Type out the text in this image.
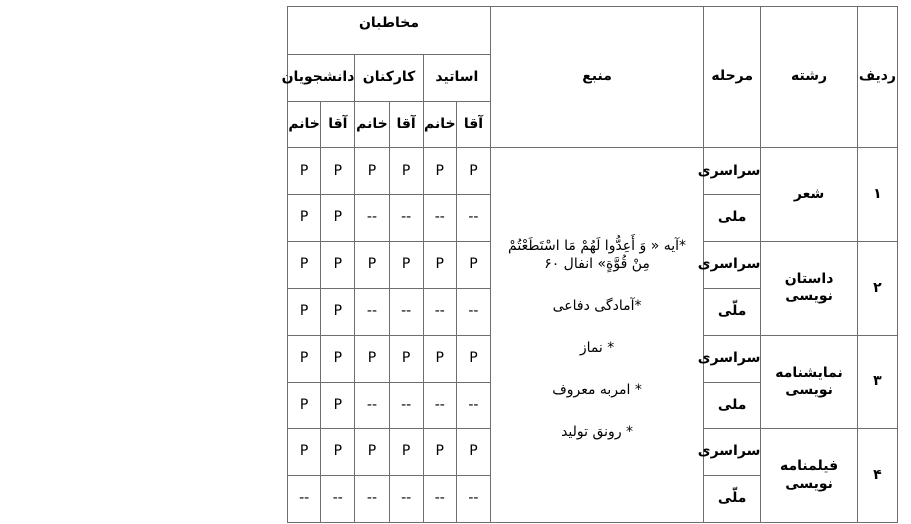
ردیف	رشته	مرحله	منبع	مخاطبان					
				اساتید		کارکنان		دانشجویان	
				آقا	خانم	آقا	خانم	آقا	خانم
۱	شعر	سراسری	*آیه « وَ أَعِدُّوا لَهُمْ مَا اسْتَطَعْتُمْ مِنْ قُوَّةٍ» انفال ۶۰
*آمادگی دفاعی
* نماز
* امربه معروف
* رونق تولید	P	P	P	P	P	P
		ملی		--	--	--	--	P	P
۲	داستان نویسی	سراسری		P	P	P	P	P	P
		ملّی		--	--	--	--	P	P
۳	نمایشنامه نویسی	سراسری		P	P	P	P	P	P
		ملی		--	--	--	--	P	P
۴	فیلمنامه نویسی	سراسری		P	P	P	P	P	P
		ملّی		--	--	--	--	--	--
